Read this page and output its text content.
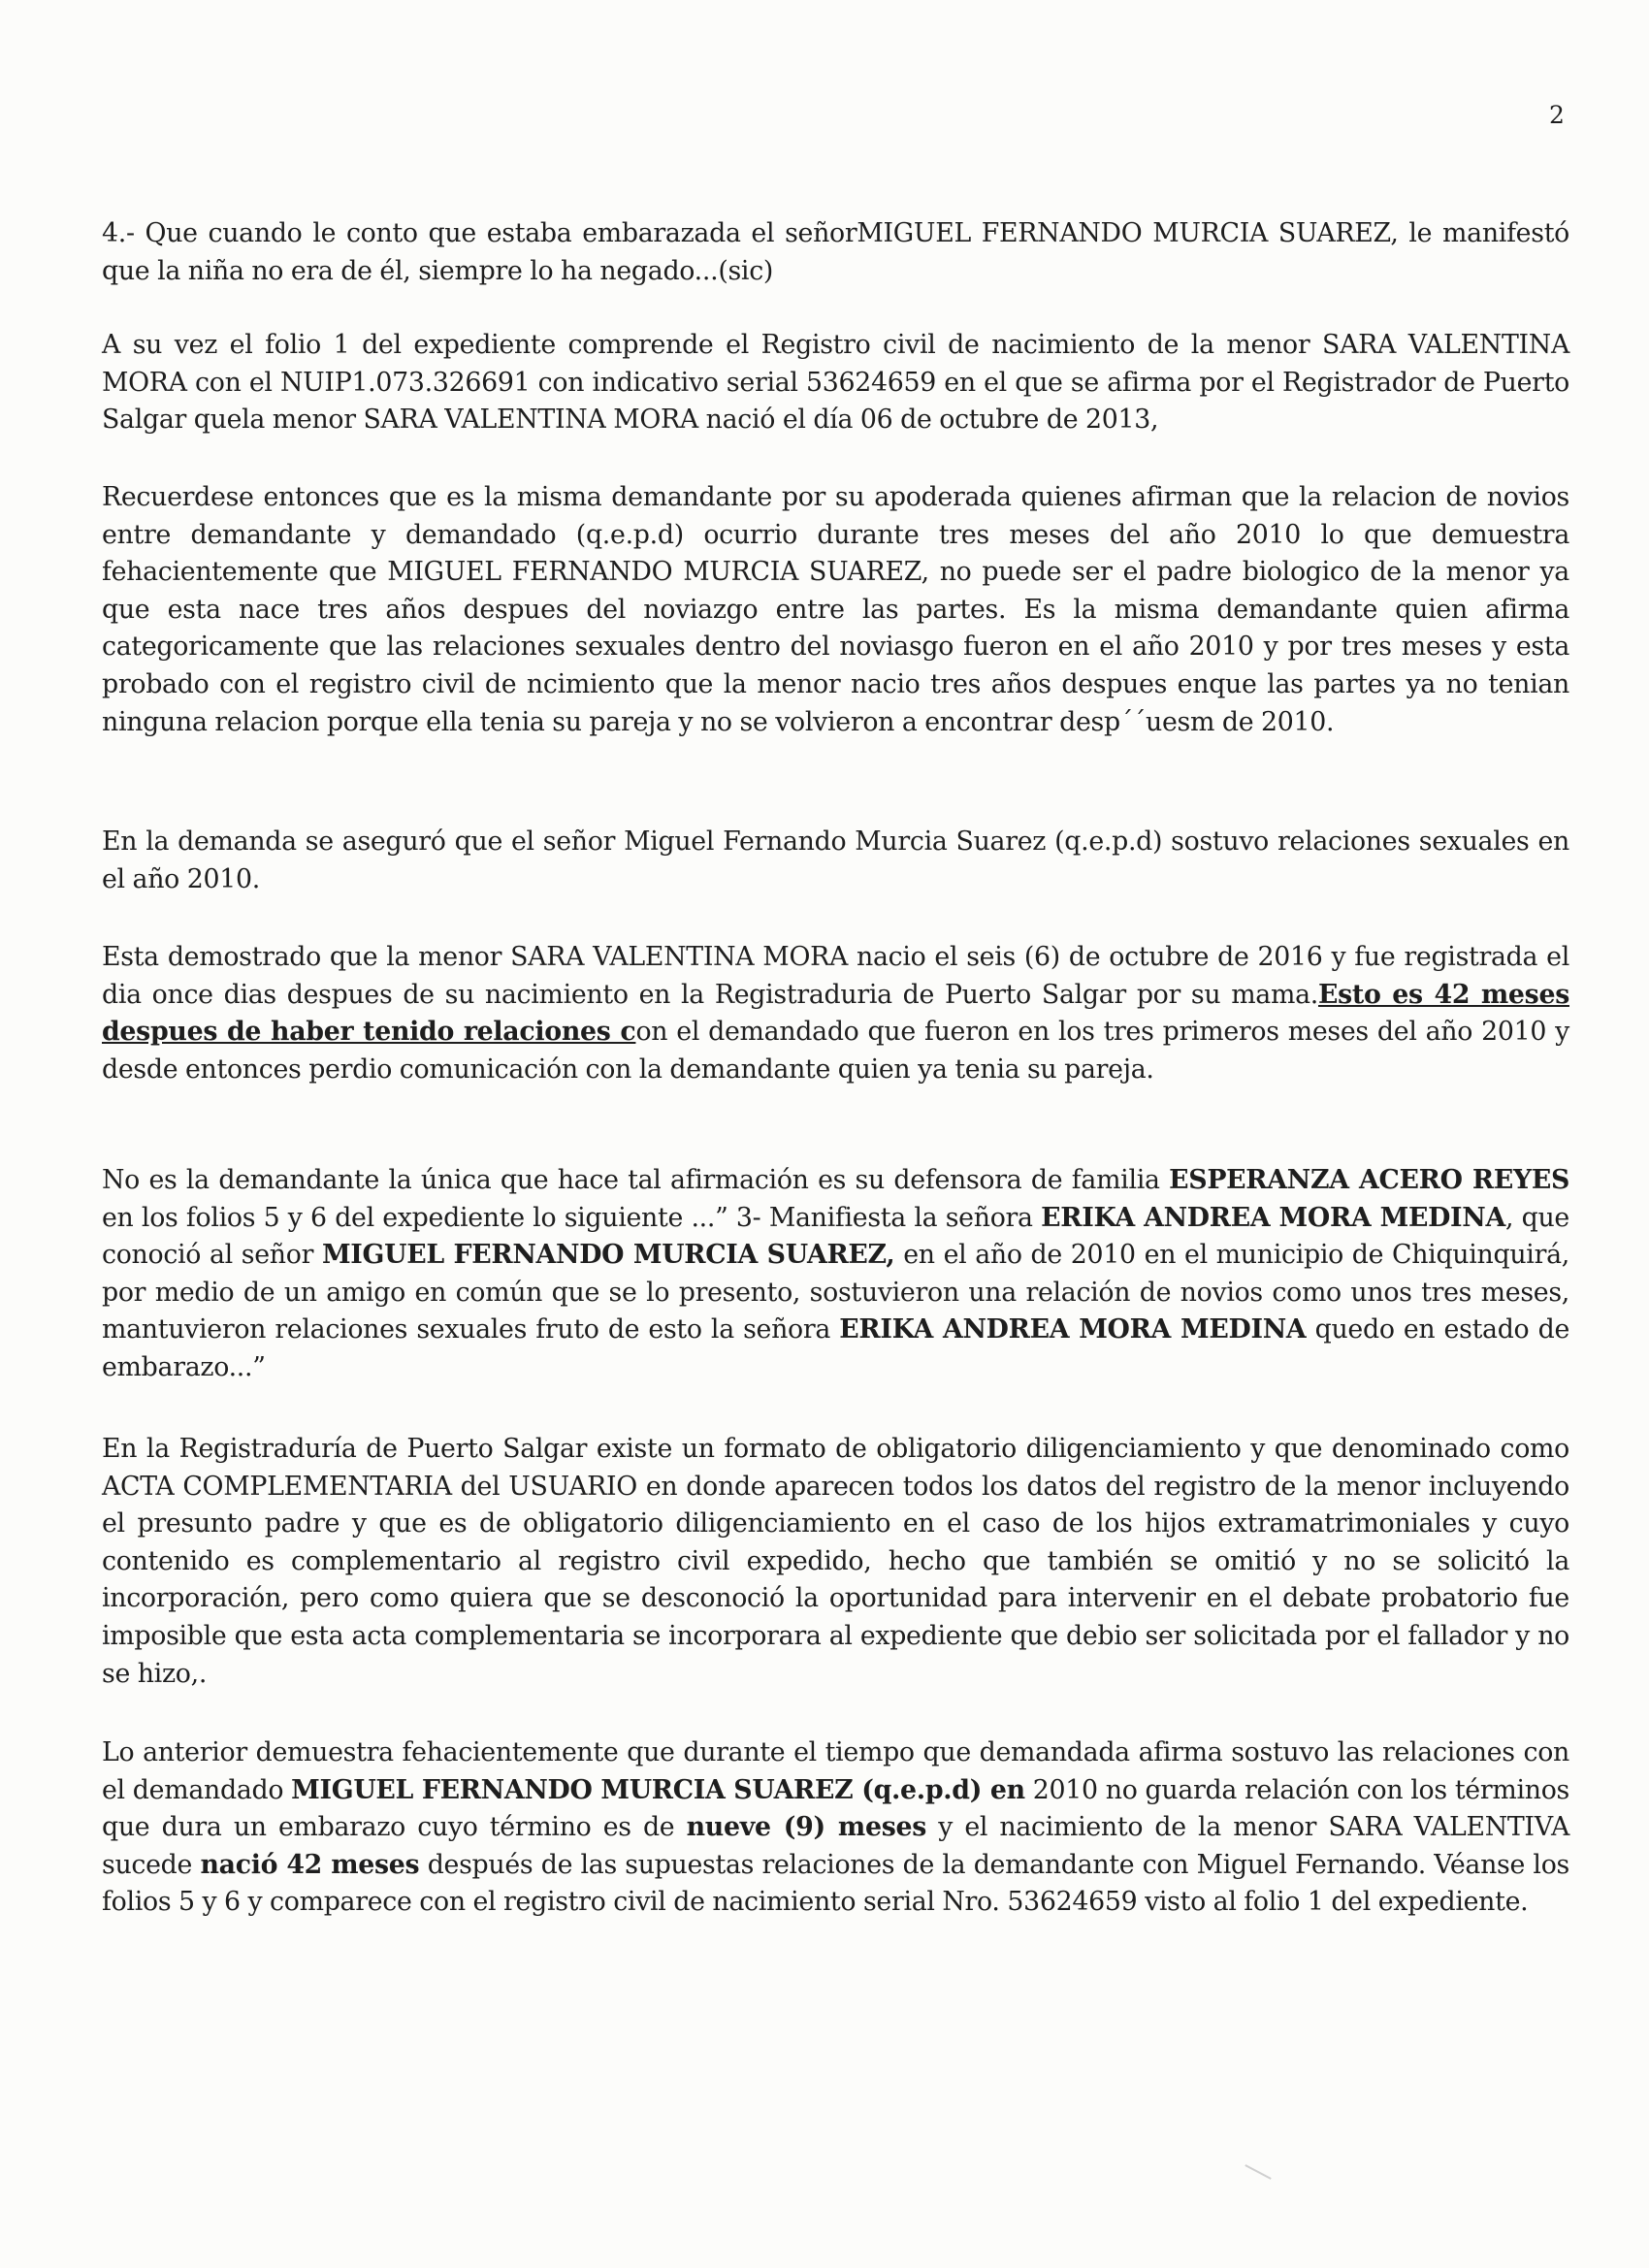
2

4.- Que cuando le conto que estaba embarazada el señorMIGUEL FERNANDO MURCIA SUAREZ, le manifestó que la niña no era de él, siempre lo ha negado...(sic)

A su vez el folio 1 del expediente comprende el Registro civil de nacimiento de la menor SARA VALENTINA MORA con el NUIP1.073.326691 con indicativo serial 53624659 en el que se afirma por el Registrador de Puerto Salgar quela menor SARA VALENTINA MORA nació el día 06 de octubre de 2013,

Recuerdese entonces que es la misma demandante por su apoderada quienes afirman que la relacion de novios entre demandante y demandado (q.e.p.d) ocurrio durante tres meses del año 2010 lo que demuestra fehacientemente que MIGUEL FERNANDO MURCIA SUAREZ, no puede ser el padre biologico de la menor ya que esta nace tres años despues del noviazgo entre las partes. Es la misma demandante quien afirma categoricamente que las relaciones sexuales dentro del noviasgo fueron en el año 2010 y por tres meses y esta probado con el registro civil de ncimiento que la menor nacio tres años despues enque las partes ya no tenian ninguna relacion porque ella tenia su pareja y no se volvieron a encontrar desp´´uesm de 2010.

En la demanda se aseguró que el señor Miguel Fernando Murcia Suarez (q.e.p.d) sostuvo relaciones sexuales en el año 2010.

Esta demostrado que la menor SARA VALENTINA MORA nacio el seis (6) de octubre de 2016 y fue registrada el dia once dias despues de su nacimiento en la Registraduria de Puerto Salgar por su mama.Esto es 42 meses despues de haber tenido relaciones con el demandado que fueron en los tres primeros meses del año 2010 y desde entonces perdio comunicación con la demandante quien ya tenia su pareja.

No es la demandante la única que hace tal afirmación es su defensora de familia ESPERANZA ACERO REYES en los folios 5 y 6 del expediente lo siguiente ...” 3- Manifiesta la señora ERIKA ANDREA MORA MEDINA, que conoció al señor MIGUEL FERNANDO MURCIA SUAREZ, en el año de 2010 en el municipio de Chiquinquirá, por medio de un amigo en común que se lo presento, sostuvieron una relación de novios como unos tres meses, mantuvieron relaciones sexuales fruto de esto la señora ERIKA ANDREA MORA MEDINA quedo en estado de embarazo...”

En la Registraduría de Puerto Salgar existe un formato de obligatorio diligenciamiento y que denominado como ACTA COMPLEMENTARIA del USUARIO en donde aparecen todos los datos del registro de la menor incluyendo el presunto padre y que es de obligatorio diligenciamiento en el caso de los hijos extramatrimoniales y cuyo contenido es complementario al registro civil expedido, hecho que también se omitió y no se solicitó la incorporación, pero como quiera que se desconoció la oportunidad para intervenir en el debate probatorio fue imposible que esta acta complementaria se incorporara al expediente que debio ser solicitada por el fallador y no se hizo,.

Lo anterior demuestra fehacientemente que durante el tiempo que demandada afirma sostuvo las relaciones con el demandado MIGUEL FERNANDO MURCIA SUAREZ (q.e.p.d) en 2010 no guarda relación con los términos que dura un embarazo cuyo término es de nueve (9) meses y el nacimiento de la menor SARA VALENTIVA sucede nació 42 meses después de las supuestas relaciones de la demandante con Miguel Fernando. Véanse los folios 5 y 6 y comparece con el registro civil de nacimiento serial Nro. 53624659 visto al folio 1 del expediente.
